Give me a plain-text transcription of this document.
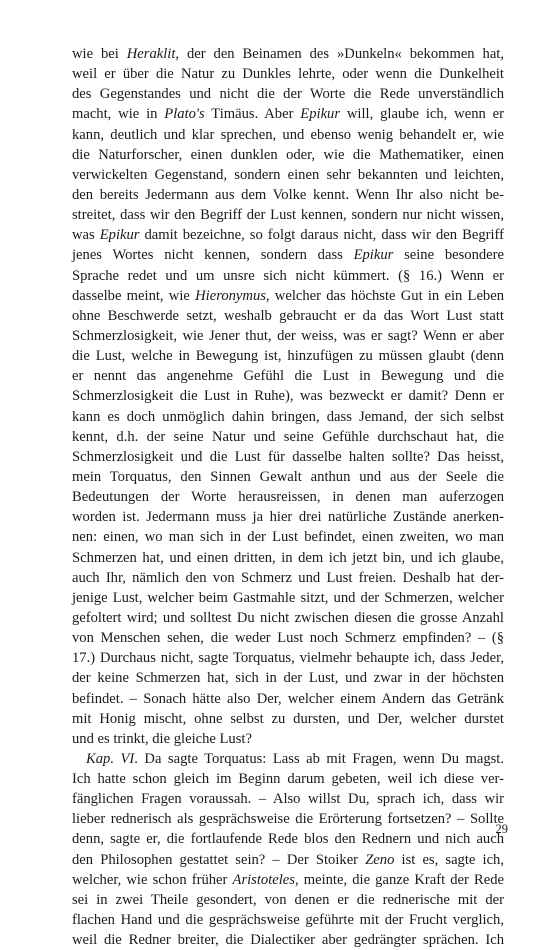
wie bei Heraklit, der den Beinamen des »Dunkeln« bekommen hat,
weil er über die Natur zu Dunkles lehrte, oder wenn die Dunkelheit
des Gegenstandes und nicht die der Worte die Rede unverständlich
macht, wie in Plato's Timäus. Aber Epikur will, glaube ich, wenn er
kann, deutlich und klar sprechen, und ebenso wenig behandelt er, wie
die Naturforscher, einen dunklen oder, wie die Mathematiker, einen
verwickelten Gegenstand, sondern einen sehr bekannten und leichten,
den bereits Jedermann aus dem Volke kennt. Wenn Ihr also nicht be-
streitet, dass wir den Begriff der Lust kennen, sondern nur nicht wissen,
was Epikur damit bezeichne, so folgt daraus nicht, dass wir den Begriff
jenes Wortes nicht kennen, sondern dass Epikur seine besondere
Sprache redet und um unsre sich nicht kümmert. (§ 16.) Wenn er
dasselbe meint, wie Hieronymus, welcher das höchste Gut in ein Leben
ohne Beschwerde setzt, weshalb gebraucht er da das Wort Lust statt
Schmerzlosigkeit, wie Jener thut, der weiss, was er sagt? Wenn er aber
die Lust, welche in Bewegung ist, hinzufügen zu müssen glaubt (denn
er nennt das angenehme Gefühl die Lust in Bewegung und die
Schmerzlosigkeit die Lust in Ruhe), was bezweckt er damit? Denn er
kann es doch unmöglich dahin bringen, dass Jemand, der sich selbst
kennt, d.h. der seine Natur und seine Gefühle durchschaut hat, die
Schmerzlosigkeit und die Lust für dasselbe halten sollte? Das heisst,
mein Torquatus, den Sinnen Gewalt anthun und aus der Seele die
Bedeutungen der Worte herausreissen, in denen man auferzogen
worden ist. Jedermann muss ja hier drei natürliche Zustände anerken-
nen: einen, wo man sich in der Lust befindet, einen zweiten, wo man
Schmerzen hat, und einen dritten, in dem ich jetzt bin, und ich glaube,
auch Ihr, nämlich den von Schmerz und Lust freien. Deshalb hat der-
jenige Lust, welcher beim Gastmahle sitzt, und der Schmerzen, welcher
gefoltert wird; und solltest Du nicht zwischen diesen die grosse Anzahl
von Menschen sehen, die weder Lust noch Schmerz empfinden? – (§
17.) Durchaus nicht, sagte Torquatus, vielmehr behaupte ich, dass Jeder,
der keine Schmerzen hat, sich in der Lust, und zwar in der höchsten
befindet. – Sonach hätte also Der, welcher einem Andern das Getränk
mit Honig mischt, ohne selbst zu dursten, und Der, welcher durstet
und es trinkt, die gleiche Lust?
Kap. VI. Da sagte Torquatus: Lass ab mit Fragen, wenn Du magst.
Ich hatte schon gleich im Beginn darum gebeten, weil ich diese ver-
fänglichen Fragen voraussah. – Also willst Du, sprach ich, dass wir
lieber rednerisch als gesprächsweise die Erörterung fortsetzen? – Sollte
denn, sagte er, die fortlaufende Rede blos den Rednern und nich auch
den Philosophen gestattet sein? – Der Stoiker Zeno ist es, sagte ich,
welcher, wie schon früher Aristoteles, meinte, die ganze Kraft der Rede
sei in zwei Theile gesondert, von denen er die rednerische mit der
flachen Hand und die gesprächsweise geführte mit der Frucht verglich,
weil die Redner breiter, die Dialectiker aber gedrängter sprächen. Ich
29
